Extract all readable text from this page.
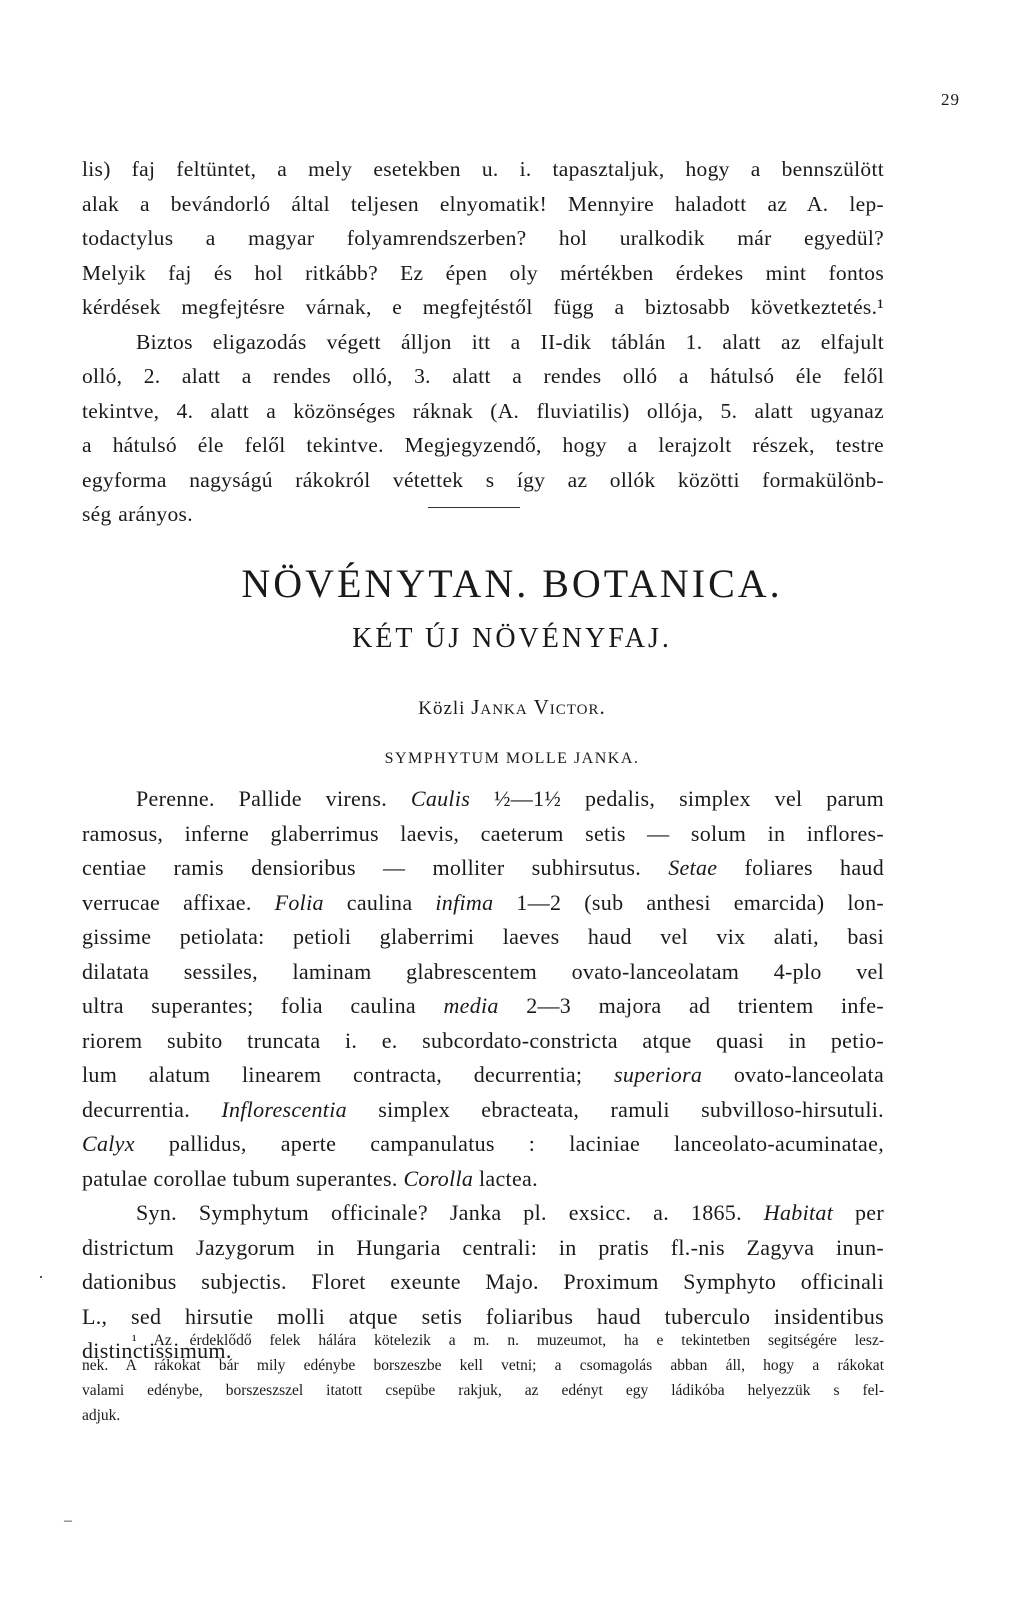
29
lis) faj feltüntet, a mely esetekben u. i. tapasztaljuk, hogy a bennszülött
alak a bevándorló által teljesen elnyomatik! Mennyire haladott az A. lep-
todactylus a magyar folyamrendszerben? hol uralkodik már egyedül?
Melyik faj és hol ritkább? Ez épen oly mértékben érdekes mint fontos
kérdések megfejtésre várnak, e megfejtéstől függ a biztosabb következtetés.¹
Biztos eligazodás végett álljon itt a II-dik táblán 1. alatt az elfajult
olló, 2. alatt a rendes olló, 3. alatt a rendes olló a hátulsó éle felől
tekintve, 4. alatt a közönséges ráknak (A. fluviatilis) ollója, 5. alatt ugyanaz
a hátulsó éle felől tekintve. Megjegyzendő, hogy a lerajzolt részek, testre
egyforma nagyságú rákokról vétettek s így az ollók közötti formakülönb-
ség arányos.
NÖVÉNYTAN. BOTANICA.
KÉT ÚJ NÖVÉNYFAJ.
Közli Janka Victor.
SYMPHYTUM MOLLE JANKA.
Perenne. Pallide virens. Caulis ½—1½ pedalis, simplex vel parum
ramosus, inferne glaberrimus laevis, caeterum setis — solum in inflores-
centiae ramis densioribus — molliter subhirsutus. Setae foliares haud
verrucae affixae. Folia caulina infima 1—2 (sub anthesi emarcida) lon-
gissime petiolata: petioli glaberrimi laeves haud vel vix alati, basi
dilatata sessiles, laminam glabrescentem ovato-lanceolatam 4-plo vel
ultra superantes; folia caulina media 2—3 majora ad trientem infe-
riorem subito truncata i. e. subcordato-constricta atque quasi in petio-
lum alatum linearem contracta, decurrentia; superiora ovato-lanceolata
decurrentia. Inflorescentia simplex ebracteata, ramuli subvilloso-hirsutuli.
Calyx pallidus, aperte campanulatus : laciniae lanceolato-acuminatae,
patulae corollae tubum superantes. Corolla lactea.
Syn. Symphytum officinale? Janka pl. exsicc. a. 1865. Habitat per
districtum Jazygorum in Hungaria centrali: in pratis fl.-nis Zagyva inun-
dationibus subjectis. Floret exeunte Majo. Proximum Symphyto officinali
L., sed hirsutie molli atque setis foliaribus haud tuberculo insidentibus
distinctissimum.
¹ Az érdeklődő felek hálára kötelezik a m. n. muzeumot, ha e tekintetben segitségére lesz-
nek. A rákokat bár mily edénybe borszeszbe kell vetni; a csomagolás abban áll, hogy a rákokat
valami edénybe, borszeszszel itatott csepübe rakjuk, az edényt egy ládikóba helyezzük s fel-
adjuk.
·
–
